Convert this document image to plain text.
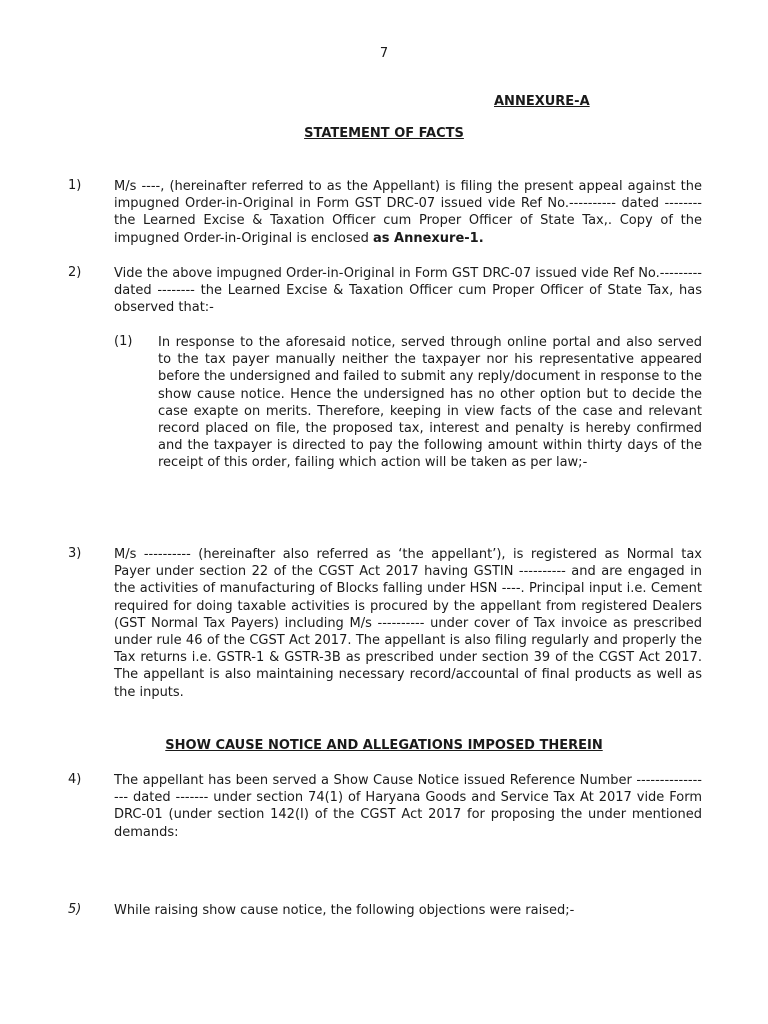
7
ANNEXURE-A
STATEMENT OF FACTS
1)	M/s ----, (hereinafter referred to as the Appellant) is filing the present appeal against the impugned Order-in-Original in Form GST DRC-07 issued vide Ref No.---------- dated -------- the Learned Excise & Taxation Officer cum Proper Officer of State Tax,. Copy of the impugned Order-in-Original is enclosed as Annexure-1.
2)	Vide the above impugned Order-in-Original in Form GST DRC-07 issued vide Ref No.---------dated -------- the Learned Excise & Taxation Officer cum Proper Officer of State Tax, has observed that:-
(1) In response to the aforesaid notice, served through online portal and also served to the tax payer manually neither the taxpayer nor his representative appeared before the undersigned and failed to submit any reply/document in response to the show cause notice. Hence the undersigned has no other option but to decide the case exapte on merits. Therefore, keeping in view facts of the case and relevant record placed on file, the proposed tax, interest and penalty is hereby confirmed and the taxpayer is directed to pay the following amount within thirty days of the receipt of this order, failing which action will be taken as per law;-
3)	M/s ---------- (hereinafter also referred as ‘the appellant’), is registered as Normal tax Payer under section 22 of the CGST Act 2017 having GSTIN ---------- and are engaged in the activities of manufacturing of Blocks falling under HSN ----. Principal input i.e. Cement required for doing taxable activities is procured by the appellant from registered Dealers (GST Normal Tax Payers) including M/s ---------- under cover of Tax invoice as prescribed under rule 46 of the CGST Act 2017. The appellant is also filing regularly and properly the Tax returns i.e. GSTR-1 & GSTR-3B as prescribed under section 39 of the CGST Act 2017. The appellant is also maintaining necessary record/accountal of final products as well as the inputs.
SHOW CAUSE NOTICE AND ALLEGATIONS IMPOSED THEREIN
4)	The appellant has been served a Show Cause Notice issued Reference Number ----------------- dated ------- under section 74(1) of Haryana Goods and Service Tax At 2017 vide Form DRC-01 (under section 142(I) of the CGST Act 2017 for proposing the under mentioned demands:
5)	While raising show cause notice, the following objections were raised;-
